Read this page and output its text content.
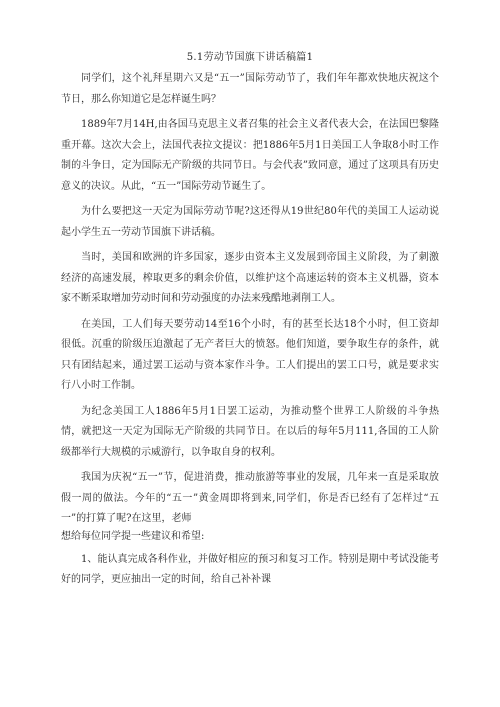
5.1劳动节国旗下讲话稿篇1

同学们，这个礼拜星期六又是“五一”国际劳动节了，我们年年都欢快地庆祝这个节日，那么你知道它是怎样诞生吗？

1889年7月14H,由各国马克思主义者召集的社会主义者代表大会，在法国巴黎隆重开幕。这次大会上，法国代表拉文提议：把1886年5月1日美国工人争取8小时工作制的斗争日，定为国际无产阶级的共同节日。与会代表”致同意，通过了这项具有历史意义的决议。从此，“五一”国际劳动节诞生了。

为什么要把这一天定为国际劳动节呢?这还得从19世纪80年代的美国工人运动说起小学生五一劳动节国旗下讲话稿。

当时，美国和欧洲的许多国家，逐步由资本主义发展到帝国主义阶段，为了刺激经济的高速发展，榨取更多的剩余价值，以维护这个高速运转的资本主义机器，资本家不断采取增加劳动时间和劳动强度的办法来残酷地剥削工人。

在美国，工人们每天要劳动14至16个小时，有的甚至长达18个小时，但工资却很低。沉重的阶级压迫激起了无产者巨大的愤怒。他们知道，要争取生存的条件，就只有团结起来，通过罢工运动与资本家作斗争。工人们提出的罢工口号，就是要求实行八小时工作制。

为纪念美国工人1886年5月1日罢工运动，为推动整个世界工人阶级的斗争热情，就把这一天定为国际无产阶级的共同节日。在以后的每年5月111,各国的工人阶级都举行大规模的示威游行，以争取自身的权利。

我国为庆祝“五一”节，促进消费，推动旅游等事业的发展，几年来一直是采取放假一周的做法。今年的“五一”黄金周即将到来,同学们，你是否已经有了怎样过“五一”的打算了呢?在这里，老师

想给每位同学提一些建议和希望:

1、能认真完成各科作业，并做好相应的预习和复习工作。特别是期中考试没能考好的同学，更应抽出一定的时间，给自己补补课
